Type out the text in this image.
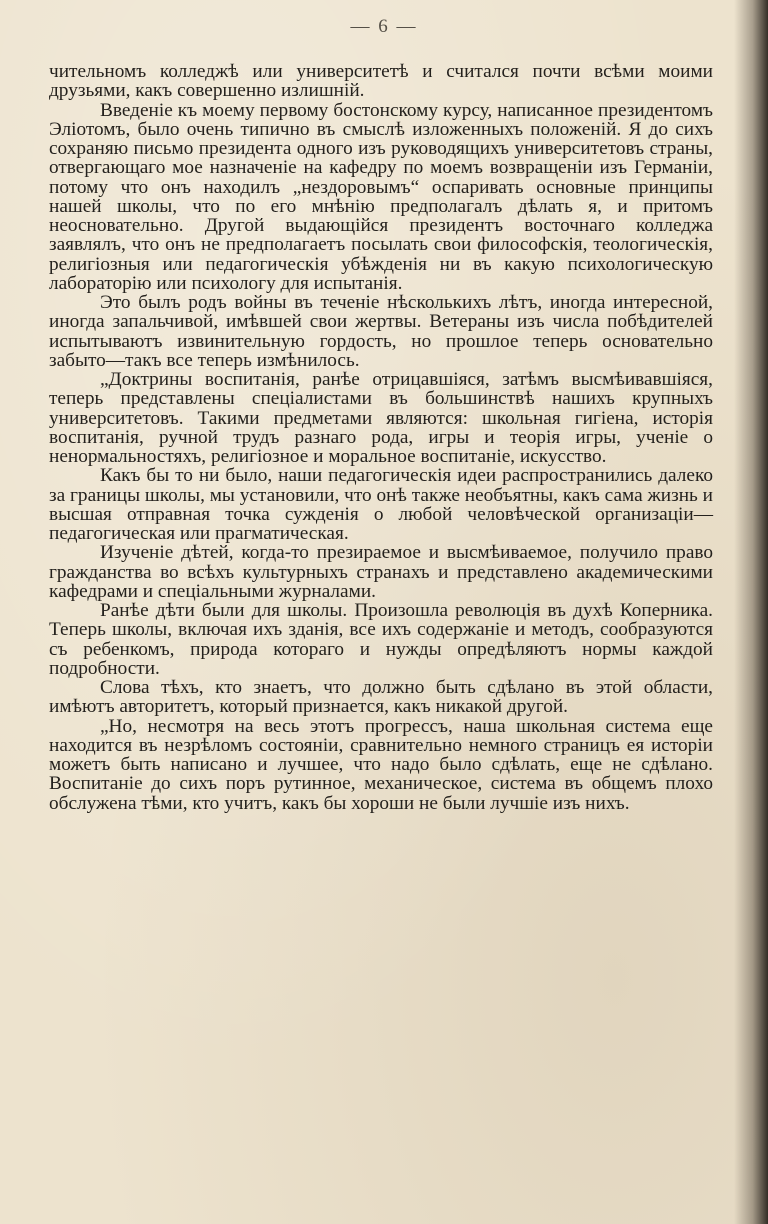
— 6 —

чительномъ колледжѣ или университетѣ и считался почти всѣми моими друзьями, какъ совершенно излишній.

Введеніе къ моему первому бостонскому курсу, написанное президентомъ Элiотомъ, было очень типично въ смыслѣ изложенныхъ положеній. Я до сихъ сохраняю письмо президента одного изъ руководящихъ университетовъ страны, отвергающаго мое назначеніе на кафедру по моемъ возвращеніи изъ Германіи, потому что онъ находилъ „нездоровымъ“ оспаривать основные принципы нашей школы, что по его мнѣнію предполагалъ дѣлать я, и притомъ неосновательно. Другой выдающійся президентъ восточнаго колледжа заявлялъ, что онъ не предполагаетъ посылать свои философскія, теологическія, религіозныя или педагогическія убѣжденія ни въ какую психологическую лабораторію или психологу для испытанія.

Это былъ родъ войны въ теченіе нѣсколькихъ лѣтъ, иногда интересной, иногда запальчивой, имѣвшей свои жертвы. Ветераны изъ числа побѣдителей испытываютъ извинительную гордость, но прошлое теперь основательно забыто—такъ все теперь измѣнилось.

„Доктрины воспитанія, ранѣе отрицавшіяся, затѣмъ высмѣивавшіяся, теперь представлены спеціалистами въ большинствѣ нашихъ крупныхъ университетовъ. Такими предметами являются: школьная гигіена, исторія воспитанія, ручной трудъ разнаго рода, игры и теорія игры, ученіе о ненормальностяхъ, религіозное и моральное воспитаніе, искусство.

Какъ бы то ни было, наши педагогическія идеи распространились далеко за границы школы, мы установили, что онѣ также необъятны, какъ сама жизнь и высшая отправная точка сужденія о любой человѣческой организаціи—педагогическая или прагматическая.

Изученіе дѣтей, когда-то презираемое и высмѣиваемое, получило право гражданства во всѣхъ культурныхъ странахъ и представлено академическими кафедрами и спеціальными журналами.

Ранѣе дѣти были для школы. Произошла революція въ духѣ Коперника. Теперь школы, включая ихъ зданія, все ихъ содержаніе и методъ, сообразуются съ ребенкомъ, природа котораго и нужды опредѣляютъ нормы каждой подробности.

Слова тѣхъ, кто знаетъ, что должно быть сдѣлано въ этой области, имѣютъ авторитетъ, который признается, какъ никакой другой.

„Но, несмотря на весь этотъ прогрессъ, наша школьная система еще находится въ незрѣломъ состояніи, сравнительно немного страницъ ея исторіи можетъ быть написано и лучшее, что надо было сдѣлать, еще не сдѣлано. Воспитаніе до сихъ поръ рутинное, механическое, система въ общемъ плохо обслужена тѣми, кто учитъ, какъ бы хороши не были лучшіе изъ нихъ.
